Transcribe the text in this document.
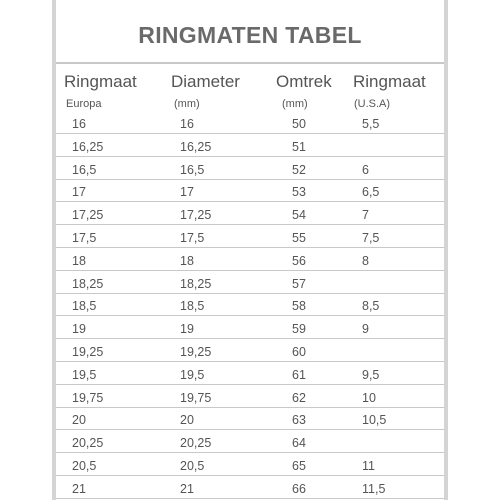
RINGMATEN TABEL
Ringmaat Diameter Omtrek Ringmaat
Europa	(mm)	(mm)	(U.S.A)
16	16	50	5,5
16,25	16,25	51
16,5	16,5	52	6
17	17	53	6,5
17,25	17,25	54	7
17,5	17,5	55	7,5
18	18	56	8
18,25	18,25	57
18,5	18,5	58	8,5
19	19	59	9
19,25	19,25	60
19,5	19,5	61	9,5
19,75	19,75	62	10
20	20	63	10,5
20,25	20,25	64
20,5	20,5	65	11
21	21	66	11,5
